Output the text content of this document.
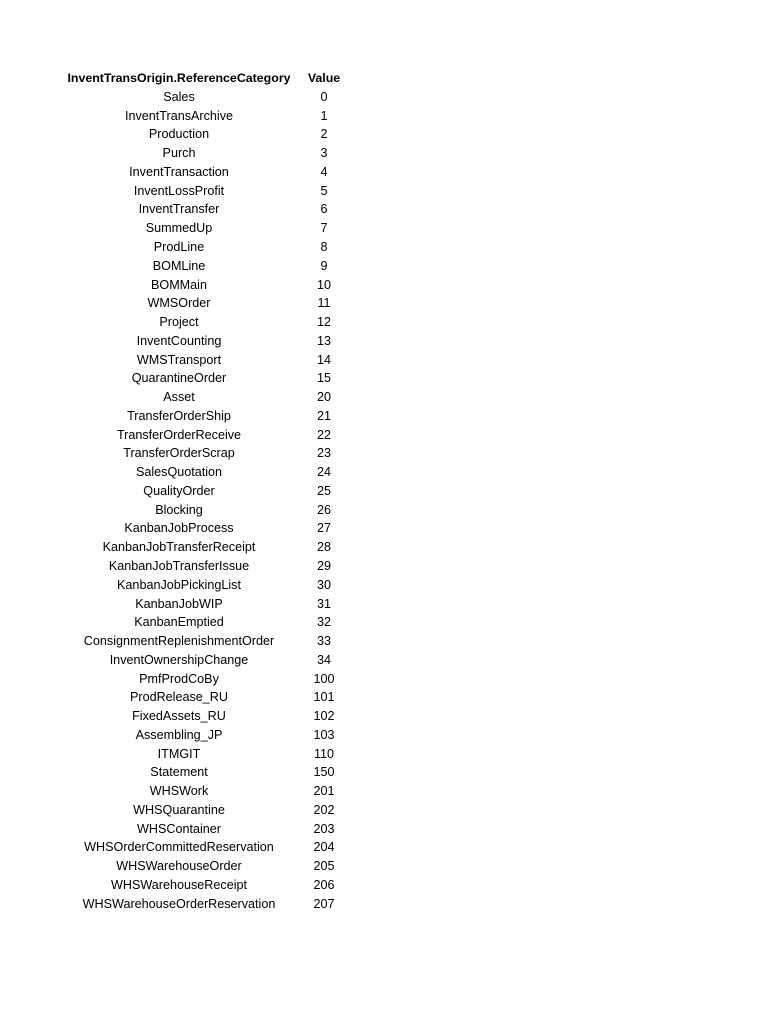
InventTransOrigin.ReferenceCategory	Value
Sales	0
InventTransArchive	1
Production	2
Purch	3
InventTransaction	4
InventLossProfit	5
InventTransfer	6
SummedUp	7
ProdLine	8
BOMLine	9
BOMMain	10
WMSOrder	11
Project	12
InventCounting	13
WMSTransport	14
QuarantineOrder	15
Asset	20
TransferOrderShip	21
TransferOrderReceive	22
TransferOrderScrap	23
SalesQuotation	24
QualityOrder	25
Blocking	26
KanbanJobProcess	27
KanbanJobTransferReceipt	28
KanbanJobTransferIssue	29
KanbanJobPickingList	30
KanbanJobWIP	31
KanbanEmptied	32
ConsignmentReplenishmentOrder	33
InventOwnershipChange	34
PmfProdCoBy	100
ProdRelease_RU	101
FixedAssets_RU	102
Assembling_JP	103
ITMGIT	110
Statement	150
WHSWork	201
WHSQuarantine	202
WHSContainer	203
WHSOrderCommittedReservation	204
WHSWarehouseOrder	205
WHSWarehouseReceipt	206
WHSWarehouseOrderReservation	207
